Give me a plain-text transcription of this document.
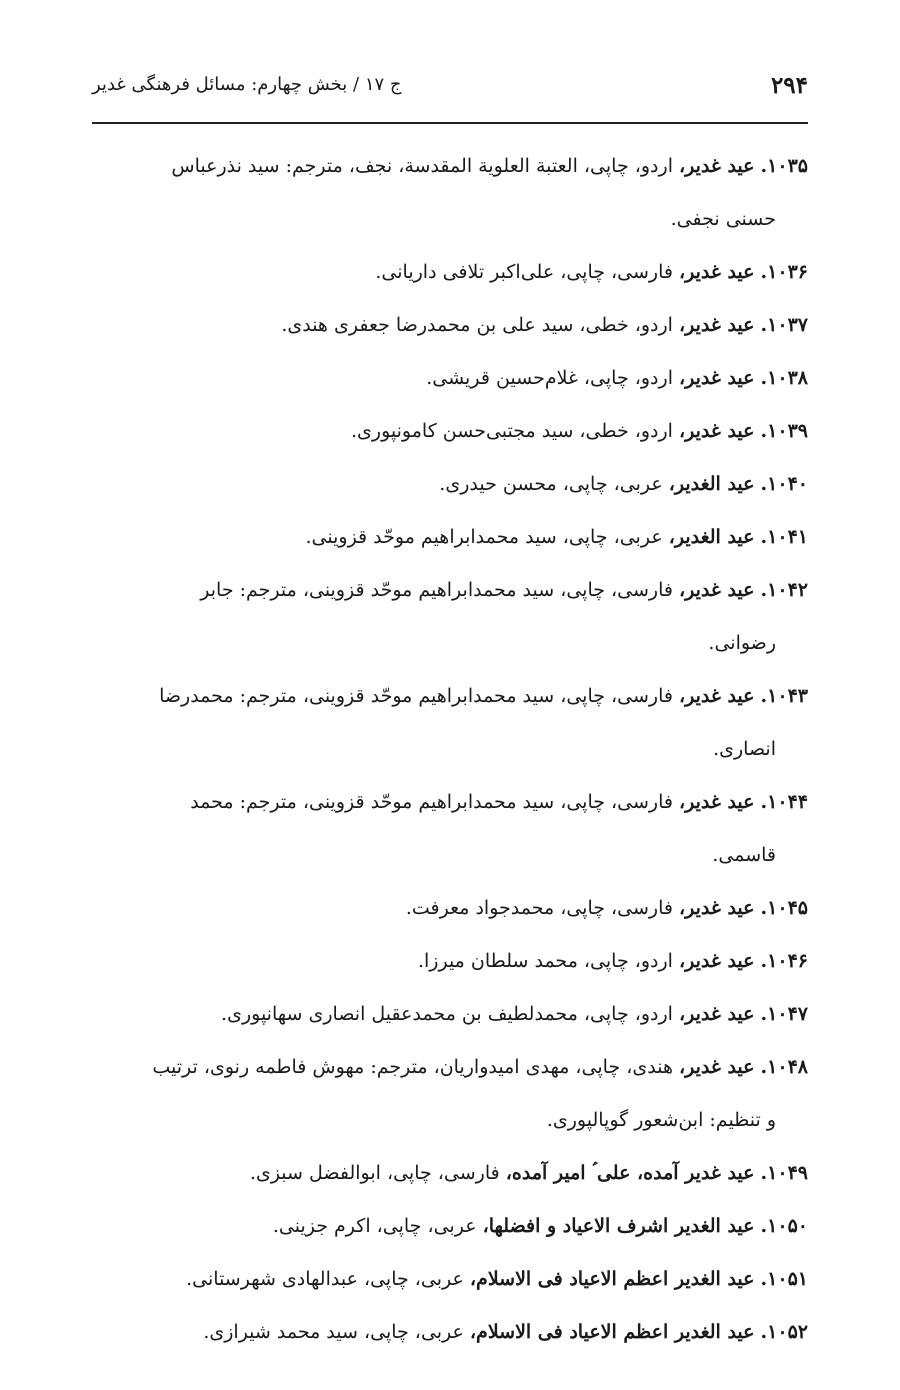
۲۹۴
ج ۱۷ / بخش چهارم: مسائل فرهنگی غدیر
۱۰۳۵. عید غدیر، اردو، چاپی، العتبة العلویة المقدسة، نجف، مترجم: سید نذرعباس
حسنی نجفی.
۱۰۳۶. عید غدیر، فارسی، چاپی، علی‌اکبر تلافی داریانی.
۱۰۳۷. عید غدیر، اردو، خطی، سید علی بن محمدرضا جعفری هندی.
۱۰۳۸. عید غدیر، اردو، چاپی، غلام‌حسین قریشی.
۱۰۳۹. عید غدیر، اردو، خطی، سید مجتبی‌حسن کامونپوری.
۱۰۴۰. عید الغدیر، عربی، چاپی، محسن حیدری.
۱۰۴۱. عید الغدیر، عربی، چاپی، سید محمدابراهیم موحّد قزوینی.
۱۰۴۲. عید غدیر، فارسی، چاپی، سید محمدابراهیم موحّد قزوینی، مترجم: جابر
رضوانی.
۱۰۴۳. عید غدیر، فارسی، چاپی، سید محمدابراهیم موحّد قزوینی، مترجم: محمدرضا
انصاری.
۱۰۴۴. عید غدیر، فارسی، چاپی، سید محمدابراهیم موحّد قزوینی، مترجم: محمد
قاسمی.
۱۰۴۵. عید غدیر، فارسی، چاپی، محمدجواد معرفت.
۱۰۴۶. عید غدیر، اردو، چاپی، محمد سلطان میرزا.
۱۰۴۷. عید غدیر، اردو، چاپی، محمدلطیف بن محمدعقیل انصاری سهانپوری.
۱۰۴۸. عید غدیر، هندی، چاپی، مهدی امیدواریان، مترجم: مهوش فاطمه رنوی، ترتیب
و تنظیم: ابن‌شعور گوپالپوری.
۱۰۴۹. عید غدیر آمده، علی ؑ امیر آمده، فارسی، چاپی، ابوالفضل سبزی.
۱۰۵۰. عید الغدیر اشرف الاعیاد و افضلها، عربی، چاپی، اکرم جزینی.
۱۰۵۱. عید الغدیر اعظم الاعیاد فی الاسلام، عربی، چاپی، عبدالهادی شهرستانی.
۱۰۵۲. عید الغدیر اعظم الاعیاد فی الاسلام، عربی، چاپی، سید محمد شیرازی.
